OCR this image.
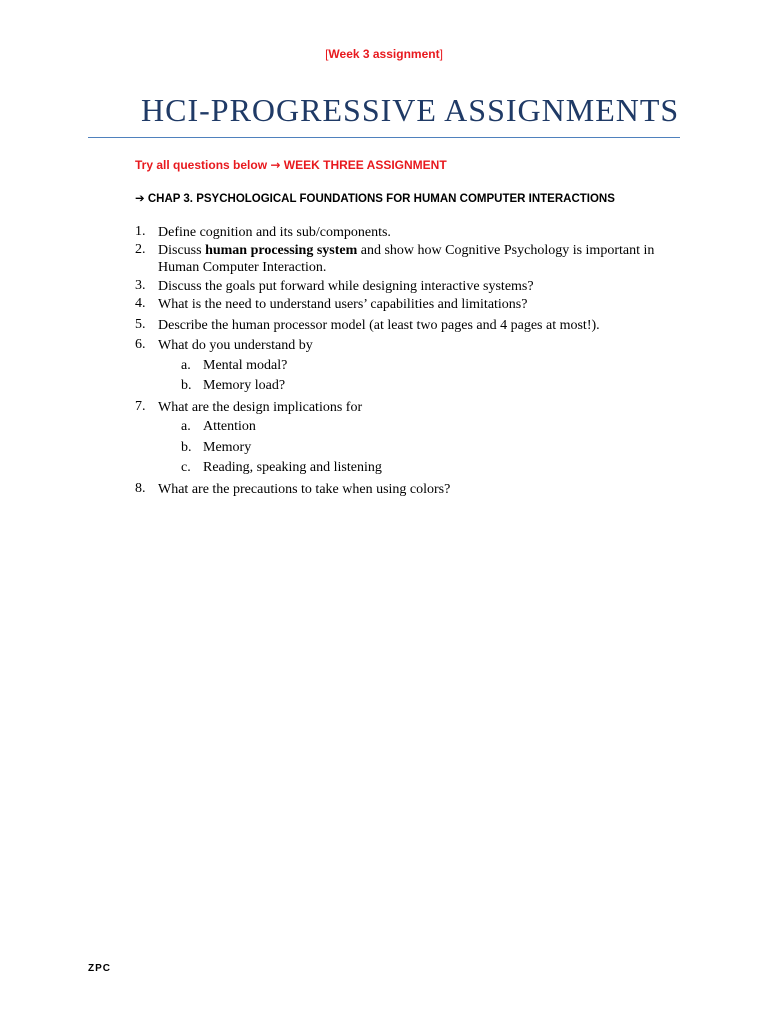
[Week 3 assignment]
HCI-PROGRESSIVE ASSIGNMENTS
Try all questions below → WEEK THREE ASSIGNMENT
➔ CHAP 3. PSYCHOLOGICAL FOUNDATIONS FOR HUMAN COMPUTER INTERACTIONS
1. Define cognition and its sub/components.
2. Discuss human processing system and show how Cognitive Psychology is important in Human Computer Interaction.
3. Discuss the goals put forward while designing interactive systems?
4. What is the need to understand users’ capabilities and limitations?
5. Describe the human processor model (at least two pages and 4 pages at most!).
6. What do you understand by
a. Mental modal?
b. Memory load?
7. What are the design implications for
a. Attention
b. Memory
c. Reading, speaking and listening
8. What are the precautions to take when using colors?
ZPC
